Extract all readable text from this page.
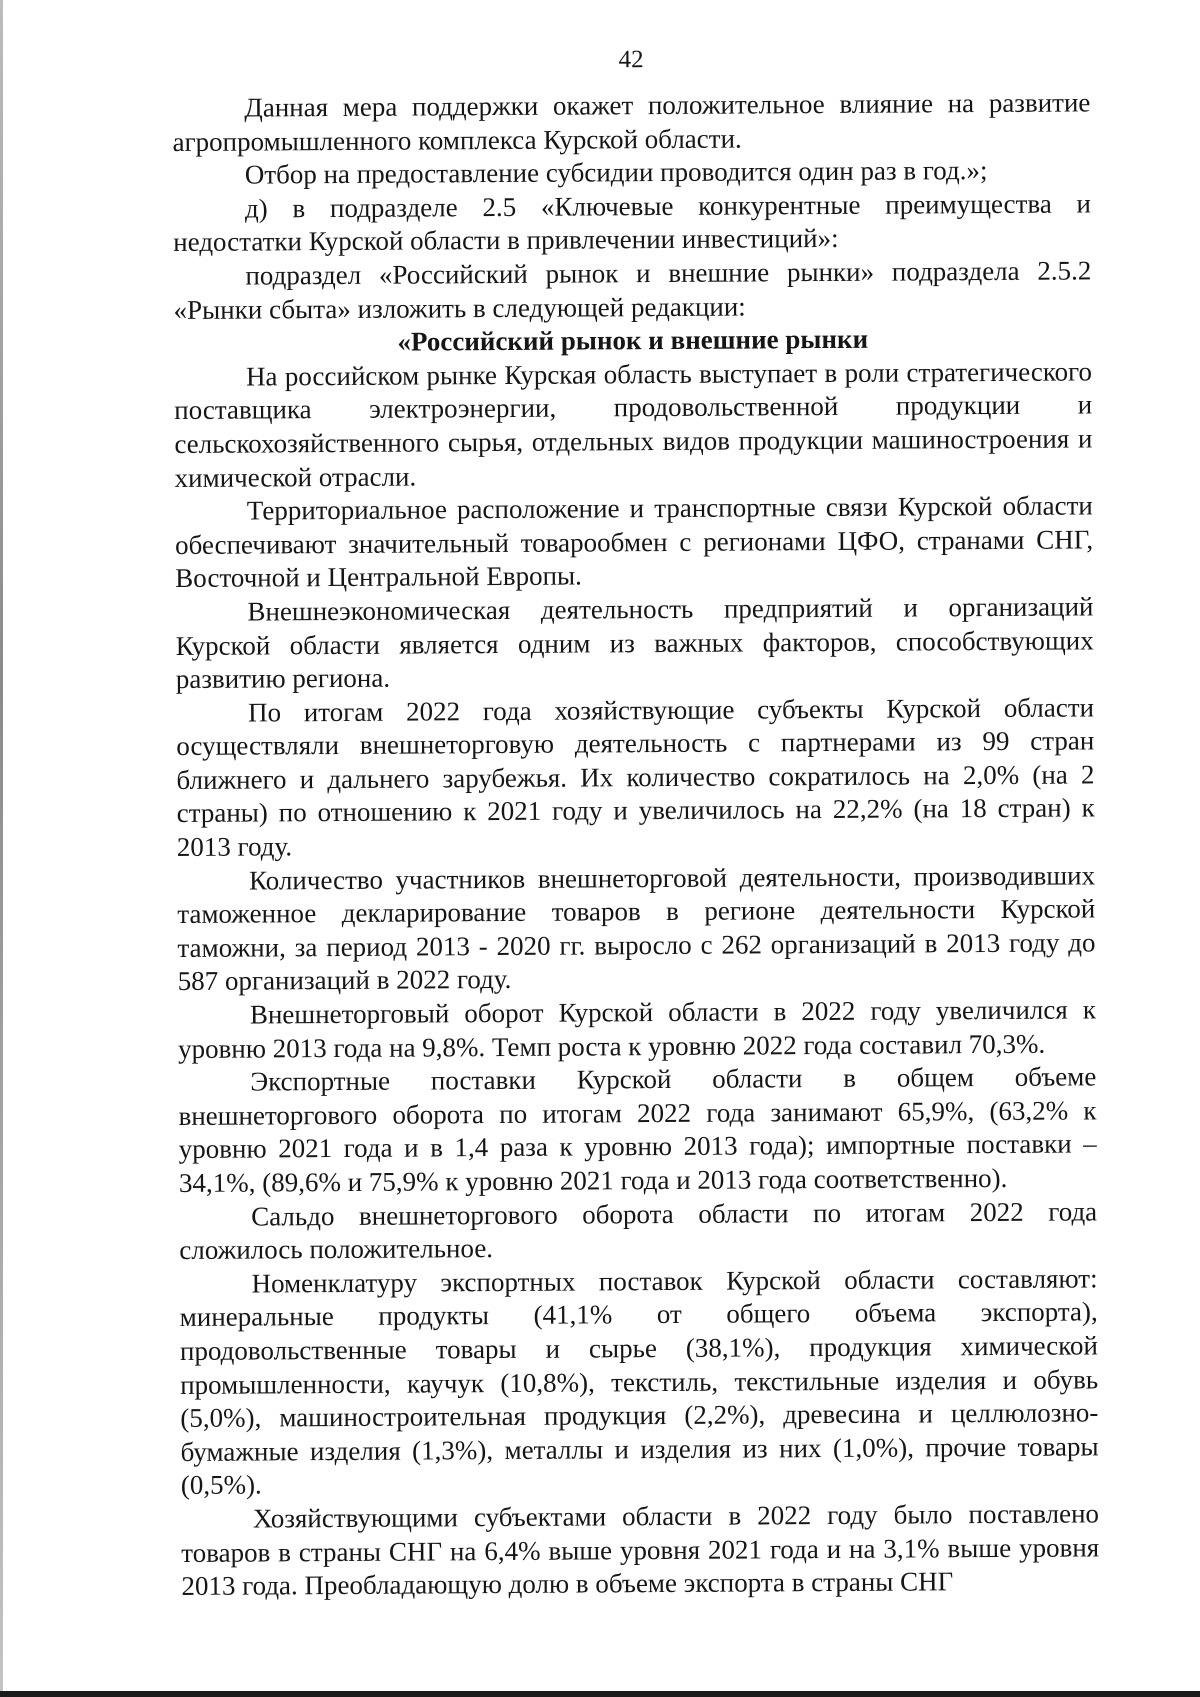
42

Данная мера поддержки окажет положительное влияние на развитие агропромышленного комплекса Курской области.

Отбор на предоставление субсидии проводится один раз в год.»;

д) в подразделе 2.5 «Ключевые конкурентные преимущества и недостатки Курской области в привлечении инвестиций»:

подраздел «Российский рынок и внешние рынки» подраздела 2.5.2 «Рынки сбыта» изложить в следующей редакции:

«Российский рынок и внешние рынки

На российском рынке Курская область выступает в роли стратегического поставщика электроэнергии, продовольственной продукции и сельскохозяйственного сырья, отдельных видов продукции машиностроения и химической отрасли.

Территориальное расположение и транспортные связи Курской области обеспечивают значительный товарообмен с регионами ЦФО, странами СНГ, Восточной и Центральной Европы.

Внешнеэкономическая деятельность предприятий и организаций Курской области является одним из важных факторов, способствующих развитию региона.

По итогам 2022 года хозяйствующие субъекты Курской области осуществляли внешнеторговую деятельность с партнерами из 99 стран ближнего и дальнего зарубежья. Их количество сократилось на 2,0% (на 2 страны) по отношению к 2021 году и увеличилось на 22,2% (на 18 стран) к 2013 году.

Количество участников внешнеторговой деятельности, производивших таможенное декларирование товаров в регионе деятельности Курской таможни, за период 2013 - 2020 гг. выросло с 262 организаций в 2013 году до 587 организаций в 2022 году.

Внешнеторговый оборот Курской области в 2022 году увеличился к уровню 2013 года на 9,8%. Темп роста к уровню 2022 года составил 70,3%.

Экспортные поставки Курской области в общем объеме внешнеторгового оборота по итогам 2022 года занимают 65,9%, (63,2% к уровню 2021 года и в 1,4 раза к уровню 2013 года); импортные поставки – 34,1%, (89,6% и 75,9% к уровню 2021 года и 2013 года соответственно).

Сальдо внешнеторгового оборота области по итогам 2022 года сложилось положительное.

Номенклатуру экспортных поставок Курской области составляют: минеральные продукты (41,1% от общего объема экспорта), продовольственные товары и сырье (38,1%), продукция химической промышленности, каучук (10,8%), текстиль, текстильные изделия и обувь (5,0%), машиностроительная продукция (2,2%), древесина и целлюлозно-бумажные изделия (1,3%), металлы и изделия из них (1,0%), прочие товары (0,5%).

Хозяйствующими субъектами области в 2022 году было поставлено товаров в страны СНГ на 6,4% выше уровня 2021 года и на 3,1% выше уровня 2013 года. Преобладающую долю в объеме экспорта в страны СНГ
